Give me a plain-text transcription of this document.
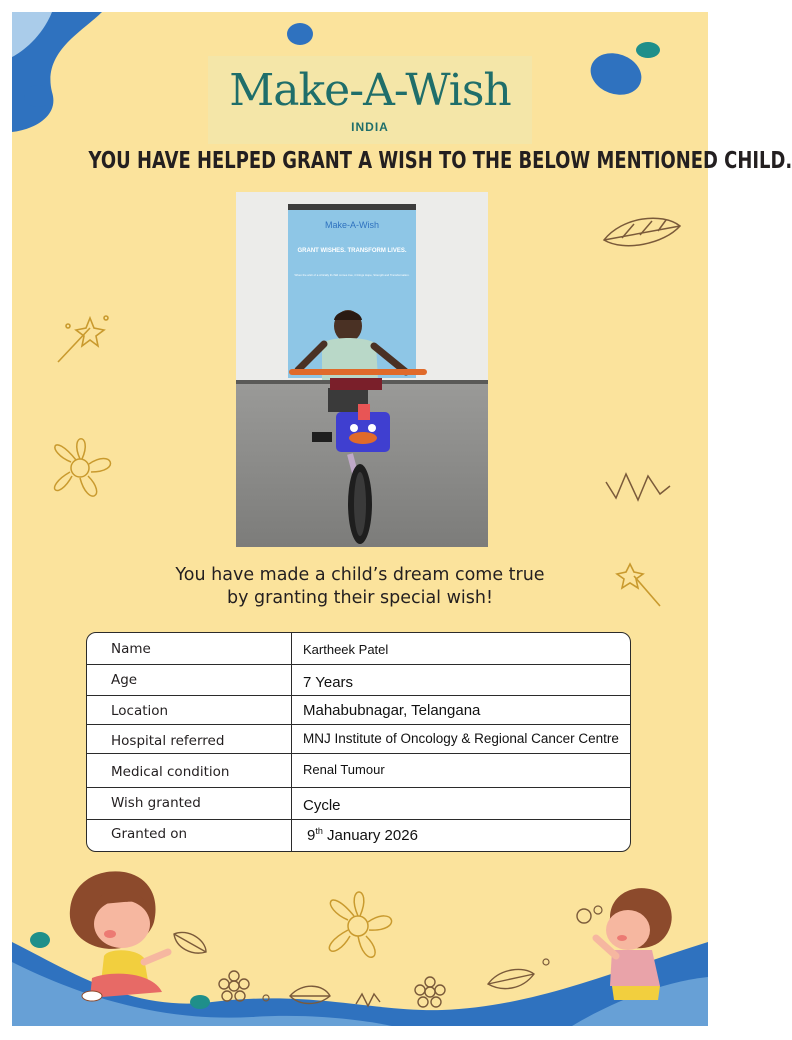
Make-A-Wish
INDIA
YOU HAVE HELPED GRANT A WISH TO THE BELOW MENTIONED CHILD.
Make-A-Wish
GRANT WISHES. TRANSFORM LIVES.
When the wish of a critically ill child comes true, it brings Hope, Strength and Transformation.
You have made a child’s dream come true
by granting their special wish!
Name	Kartheek Patel
Age	7 Years
Location	Mahabubnagar, Telangana
Hospital referred	MNJ Institute of Oncology & Regional Cancer Centre
Medical condition	Renal Tumour
Wish granted	Cycle
Granted on	9th January 2026
